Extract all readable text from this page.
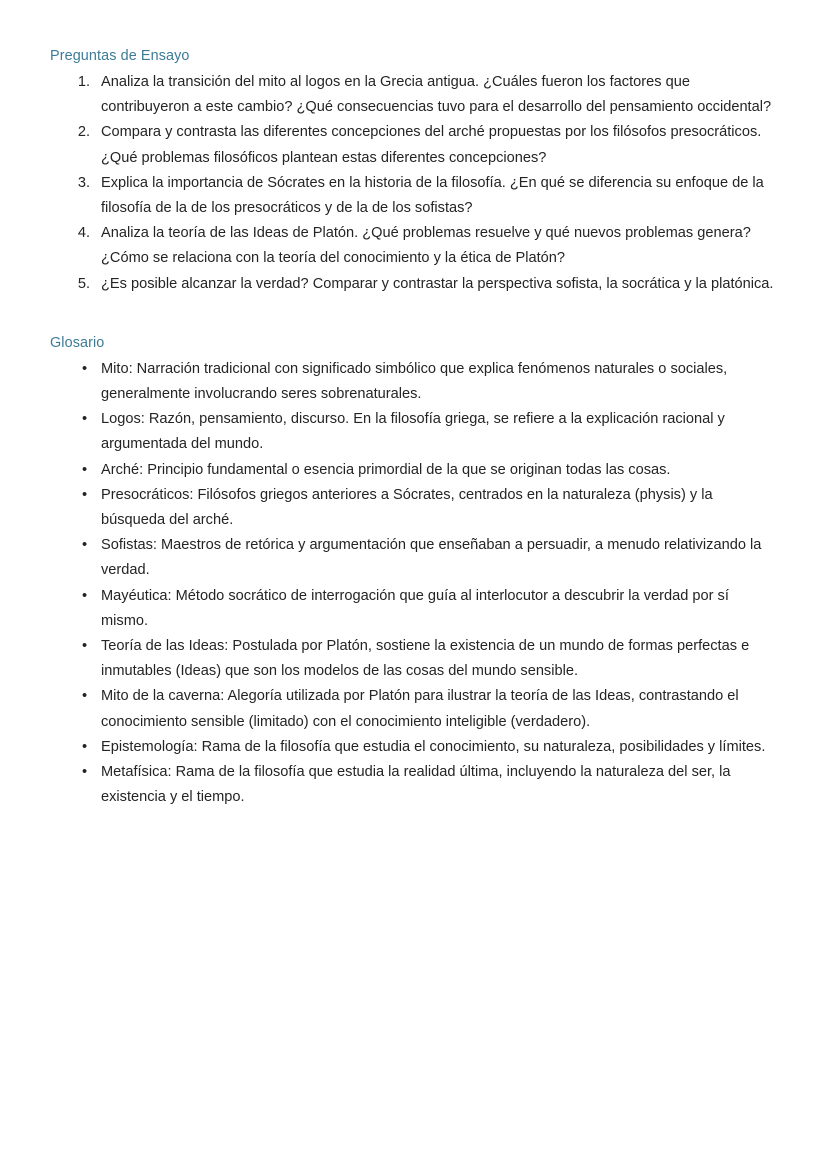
Preguntas de Ensayo
1. Analiza la transición del mito al logos en la Grecia antigua. ¿Cuáles fueron los factores que contribuyeron a este cambio? ¿Qué consecuencias tuvo para el desarrollo del pensamiento occidental?
2. Compara y contrasta las diferentes concepciones del arché propuestas por los filósofos presocráticos. ¿Qué problemas filosóficos plantean estas diferentes concepciones?
3. Explica la importancia de Sócrates en la historia de la filosofía. ¿En qué se diferencia su enfoque de la filosofía de la de los presocráticos y de la de los sofistas?
4. Analiza la teoría de las Ideas de Platón. ¿Qué problemas resuelve y qué nuevos problemas genera? ¿Cómo se relaciona con la teoría del conocimiento y la ética de Platón?
5. ¿Es posible alcanzar la verdad? Comparar y contrastar la perspectiva sofista, la socrática y la platónica.
Glosario
• Mito: Narración tradicional con significado simbólico que explica fenómenos naturales o sociales, generalmente involucrando seres sobrenaturales.
• Logos: Razón, pensamiento, discurso. En la filosofía griega, se refiere a la explicación racional y argumentada del mundo.
• Arché: Principio fundamental o esencia primordial de la que se originan todas las cosas.
• Presocráticos: Filósofos griegos anteriores a Sócrates, centrados en la naturaleza (physis) y la búsqueda del arché.
• Sofistas: Maestros de retórica y argumentación que enseñaban a persuadir, a menudo relativizando la verdad.
• Mayéutica: Método socrático de interrogación que guía al interlocutor a descubrir la verdad por sí mismo.
• Teoría de las Ideas: Postulada por Platón, sostiene la existencia de un mundo de formas perfectas e inmutables (Ideas) que son los modelos de las cosas del mundo sensible.
• Mito de la caverna: Alegoría utilizada por Platón para ilustrar la teoría de las Ideas, contrastando el conocimiento sensible (limitado) con el conocimiento inteligible (verdadero).
• Epistemología: Rama de la filosofía que estudia el conocimiento, su naturaleza, posibilidades y límites.
• Metafísica: Rama de la filosofía que estudia la realidad última, incluyendo la naturaleza del ser, la existencia y el tiempo.
